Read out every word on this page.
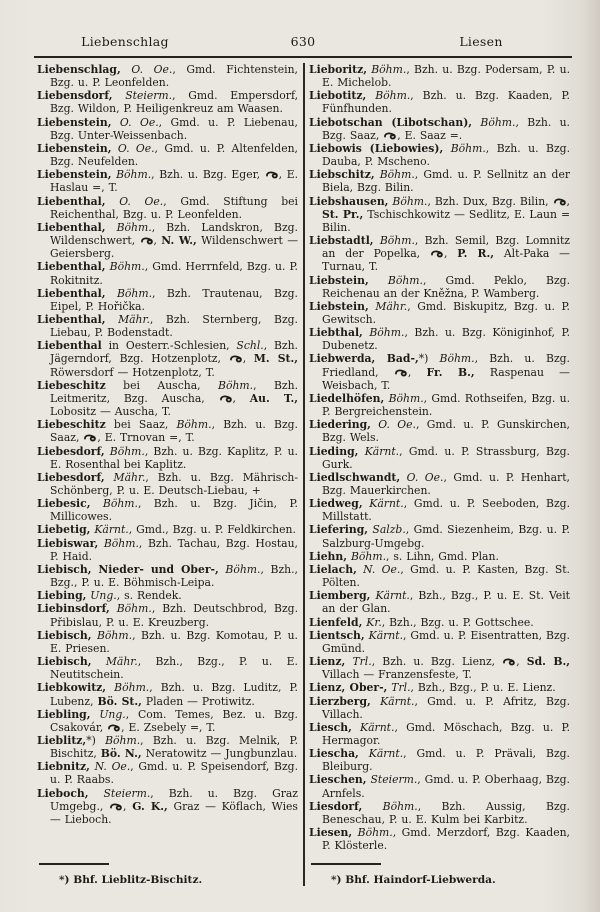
Liebenschlag	630	Liesen

Liebenschlag, O. Oe., Gmd. Fichtenstein, Bzg. u. P. Leonfelden.

Liebensdorf, Steierm., Gmd. Empersdorf, Bzg. Wildon, P. Heiligenkreuz am Waasen.

Liebenstein, O. Oe., Gmd. u. P. Liebenau, Bzg. Unter-Weissenbach.

Liebenstein, O. Oe., Gmd. u. P. Altenfelden, Bzg. Neufelden.

Liebenstein, Böhm., Bzh. u. Bzg. Eger, , E. Haslau =, T.

Liebenthal, O. Oe., Gmd. Stiftung bei Reichenthal, Bzg. u. P. Leonfelden.

Liebenthal, Böhm., Bzh. Landskron, Bzg. Wildenschwert, , N. W., Wildenschwert — Geiersberg.

Liebenthal, Böhm., Gmd. Herrnfeld, Bzg. u. P. Rokitnitz.

Liebenthal, Böhm., Bzh. Trautenau, Bzg. Eipel, P. Hořička.

Liebenthal, Mähr., Bzh. Sternberg, Bzg. Liebau, P. Bodenstadt.

Liebenthal in Oesterr.-Schlesien, Schl., Bzh. Jägerndorf, Bzg. Hotzenplotz, , M. St., Röwersdorf — Hotzenplotz, T.

Liebeschitz bei Auscha, Böhm., Bzh. Leitmeritz, Bzg. Auscha, , Au. T., Lobositz — Auscha, T.

Liebeschitz bei Saaz, Böhm., Bzh. u. Bzg. Saaz, , E. Trnovan =, T.

Liebesdorf, Böhm., Bzh. u. Bzg. Kaplitz, P. u. E. Rosenthal bei Kaplitz.

Liebesdorf, Mähr., Bzh. u. Bzg. Mährisch-Schönberg, P. u. E. Deutsch-Liebau, +

Liebesic, Böhm., Bzh. u. Bzg. Jičin, P. Millicowes.

Liebetig, Kärnt., Gmd., Bzg. u. P. Feldkirchen.

Liebiswar, Böhm., Bzh. Tachau, Bzg. Hostau, P. Haid.

Liebisch, Nieder- und Ober-, Böhm., Bzh., Bzg., P. u. E. Böhmisch-Leipa.

Liebing, Ung., s. Rendek.

Liebinsdorf, Böhm., Bzh. Deutschbrod, Bzg. Přibislau, P. u. E. Kreuzberg.

Liebisch, Böhm., Bzh. u. Bzg. Komotau, P. u. E. Priesen.

Liebisch, Mähr., Bzh., Bzg., P. u. E. Neutitschein.

Liebkowitz, Böhm., Bzh. u. Bzg. Luditz, P. Lubenz, Bö. St., Pladen — Protiwitz.

Liebling, Ung., Com. Temes, Bez. u. Bzg. Csakovár, , E. Zsebely =, T.

Lieblitz,*) Böhm., Bzh. u. Bzg. Melnik, P. Bischitz, Bö. N., Neratowitz — Jungbunzlau.

Liebnitz, N. Oe., Gmd. u. P. Speisendorf, Bzg. u. P. Raabs.

Lieboch, Steierm., Bzh. u. Bzg. Graz Umgebg., , G. K., Graz — Köflach, Wies — Lieboch.

*) Bhf. Lieblitz-Bischitz.

Lieboritz, Böhm., Bzh. u. Bzg. Podersam, P. u. E. Michelob.

Liebotitz, Böhm., Bzh. u. Bzg. Kaaden, P. Fünfhunden.

Liebotschan (Libotschan), Böhm., Bzh. u. Bzg. Saaz, , E. Saaz =.

Liebowis (Liebowies), Böhm., Bzh. u. Bzg. Dauba, P. Mscheno.

Liebschitz, Böhm., Gmd. u. P. Sellnitz an der Biela, Bzg. Bilin.

Liebshausen, Böhm., Bzh. Dux, Bzg. Bilin, , St. Pr., Tschischkowitz — Sedlitz, E. Laun = Bilin.

Liebstadtl, Böhm., Bzh. Semil, Bzg. Lomnitz an der Popelka, , P. R., Alt-Paka — Turnau, T.

Liebstein, Böhm., Gmd. Peklo, Bzg. Reichenau an der Kněžna, P. Wamberg.

Liebstein, Mähr., Gmd. Biskupitz, Bzg. u. P. Gewitsch.

Liebthal, Böhm., Bzh. u. Bzg. Königinhof, P. Dubenetz.

Liebwerda, Bad-,*) Böhm., Bzh. u. Bzg. Friedland, , Fr. B., Raspenau — Weisbach, T.

Liedelhöfen, Böhm., Gmd. Rothseifen, Bzg. u. P. Bergreichenstein.

Liedering, O. Oe., Gmd. u. P. Gunskirchen, Bzg. Wels.

Lieding, Kärnt., Gmd. u. P. Strassburg, Bzg. Gurk.

Liedlschwandt, O. Oe., Gmd. u. P. Henhart, Bzg. Mauerkirchen.

Liedweg, Kärnt., Gmd. u. P. Seeboden, Bzg. Millstatt.

Liefering, Salzb., Gmd. Siezenheim, Bzg. u. P. Salzburg-Umgebg.

Liehn, Böhm., s. Lihn, Gmd. Plan.

Lielach, N. Oe., Gmd. u. P. Kasten, Bzg. St. Pölten.

Liemberg, Kärnt., Bzh., Bzg., P. u. E. St. Veit an der Glan.

Lienfeld, Kr., Bzh., Bzg. u. P. Gottschee.

Lientsch, Kärnt., Gmd. u. P. Eisentratten, Bzg. Gmünd.

Lienz, Trl., Bzh. u. Bzg. Lienz, , Sd. B., Villach — Franzensfeste, T.

Lienz, Ober-, Trl., Bzh., Bzg., P. u. E. Lienz.

Lierzberg, Kärnt., Gmd. u. P. Afritz, Bzg. Villach.

Liesch, Kärnt., Gmd. Möschach, Bzg. u. P. Hermagor.

Liescha, Kärnt., Gmd. u. P. Prävali, Bzg. Bleiburg.

Lieschen, Steierm., Gmd. u. P. Oberhaag, Bzg. Arnfels.

Liesdorf, Böhm., Bzh. Aussig, Bzg. Beneschau, P. u. E. Kulm bei Karbitz.

Liesen, Böhm., Gmd. Merzdorf, Bzg. Kaaden, P. Klösterle.

*) Bhf. Haindorf-Liebwerda.
